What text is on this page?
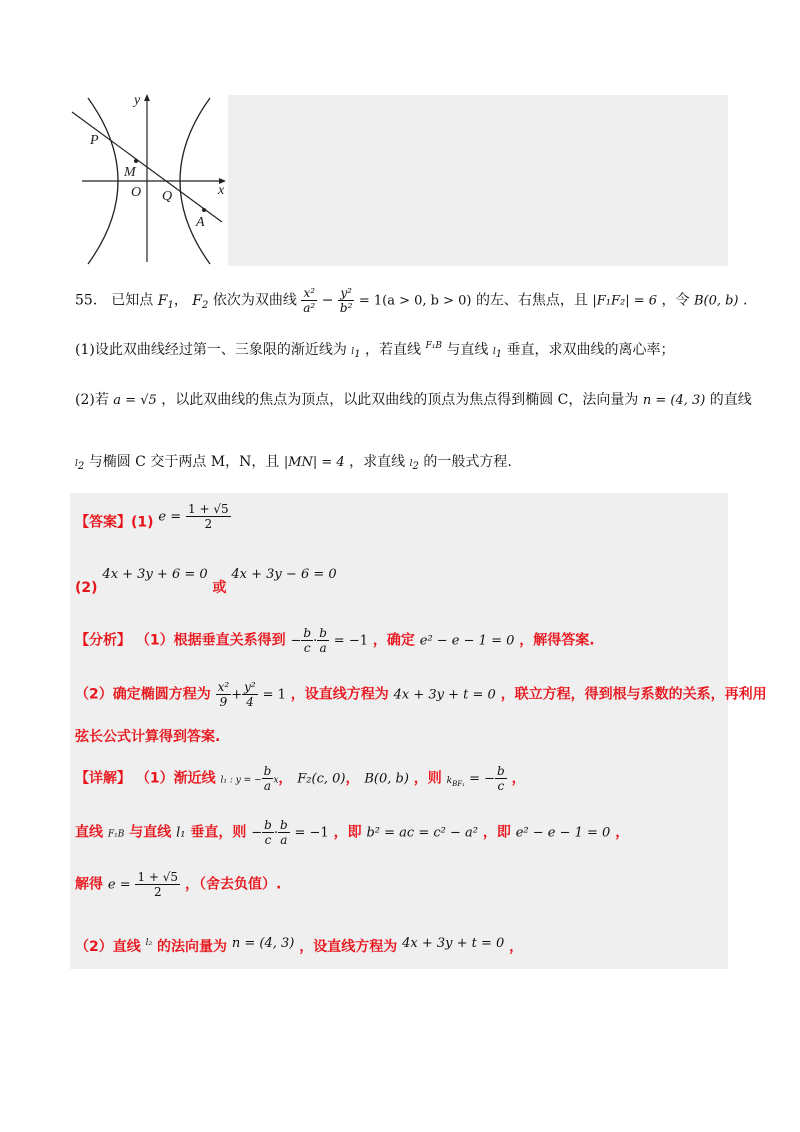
y
x
P
M
O Q
A
55． 已知点 $F_1$， $F_2$ 依次为双曲线 $\frac{\text{x²}}{\text{a²}} - \frac{\text{y²}}{\text{b²}} = 1(a > 0$, b > 0) 的左、右焦点，且 |F₁F₂| = 6 ，令 B(0, b) .
(1)设此双曲线经过第一、三象限的渐近线为 l1 ，若直线 $^{F_1B}$ 与直线 l1 垂直，求双曲线的离心率；
(2)若 a = √5 ，以此双曲线的焦点为顶点，以此双曲线的顶点为焦点得到椭圆 C，法向量为 n = (4, 3) 的直线
l2 与椭圆 C 交于两点 M，N，且 |MN| = 4 ，求直线 l2 的一般式方程.
【答案】(1) $e = \frac{1 + √5}{2}$
(2) 4x + 3y + 6 = 0 或 4x + 3y − 6 = 0
【分析】 （1）根据垂直关系得到 − $\frac{b}{c} \cdot \frac{b}{a} = -1$ ，确定 e² − e − 1 = 0 ，解得答案.
（2）确定椭圆方程为 $\frac{\text{x²}}{9} + \frac{\text{y²}}{4} = 1$ ，设直线方程为 4x + 3y + t = 0 ，联立方程，得到根与系数的关系，再利用
弦长公式计算得到答案.
【详解】 （1）渐近线 l₁ : y = − $\frac{b}{a}$ x， F₂(c, 0)， B(0, b) ，则 $k_{BF_1}$ = − $\frac{b}{c}$ ，
直线 F₁B 与直线 l₁ 垂直，则 − $\frac{b}{c} \cdot \frac{b}{a} = -1$ ，即 b² = ac = c² − a² ，即 e² − e − 1 = 0 ，
解得 $e = \frac{1 + √5}{2}$ ，（舍去负值）.
（2）直线 $^{l_2}$ 的法向量为 n = (4, 3) ，设直线方程为 4x + 3y + t = 0 ，
